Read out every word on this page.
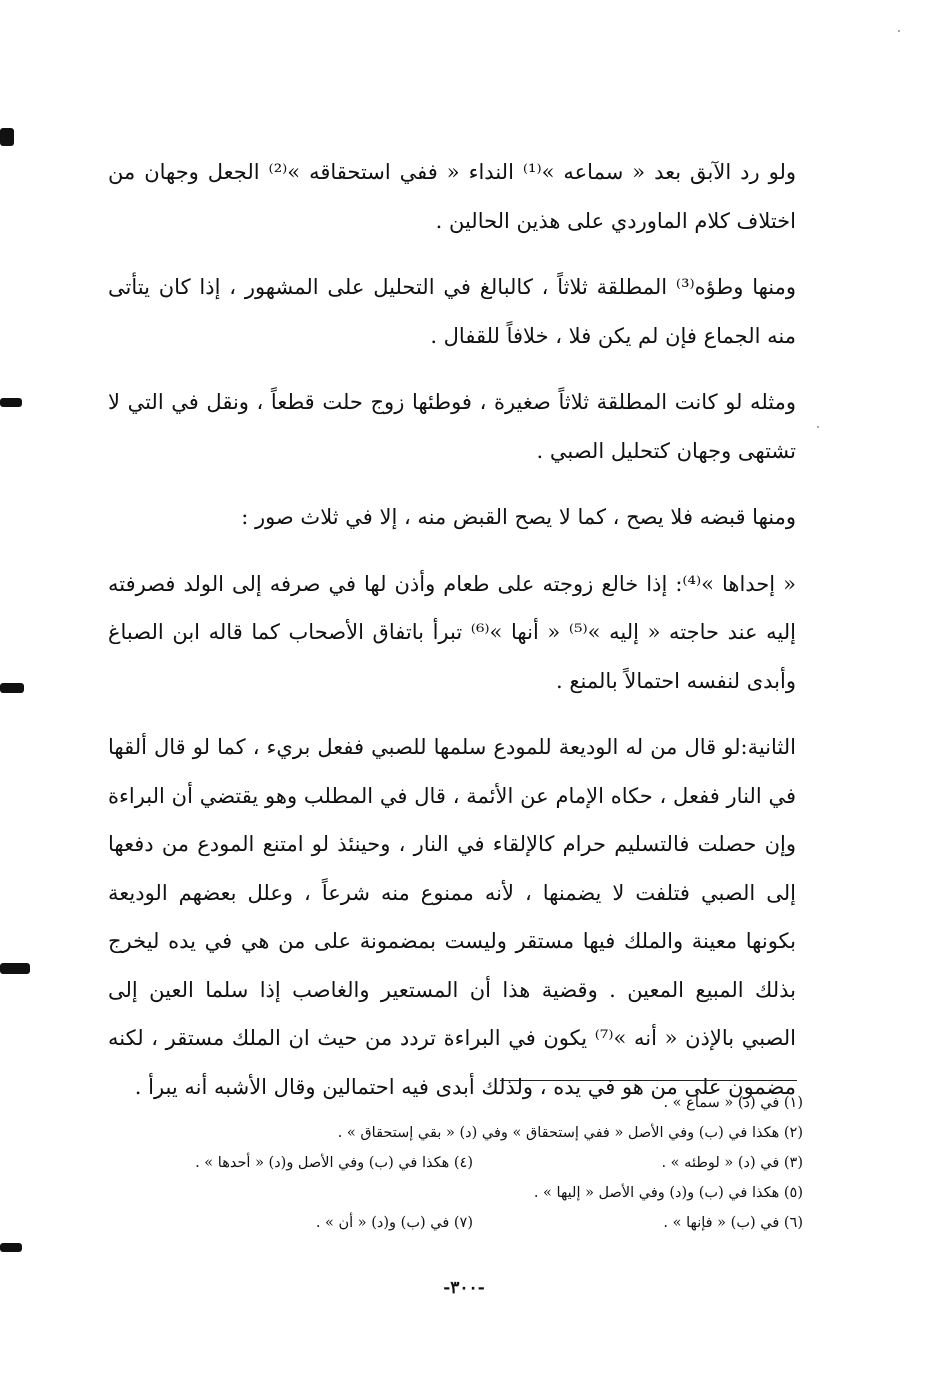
ولو رد الآبق بعد « سماعه »⁽¹⁾ النداء « ففي استحقاقه »⁽²⁾ الجعل وجهان من اختلاف كلام الماوردي على هذين الحالين .

ومنها وطؤه⁽³⁾ المطلقة ثلاثاً ، كالبالغ في التحليل على المشهور ، إذا كان يتأتى منه الجماع فإن لم يكن فلا ، خلافاً للقفال .

ومثله لو كانت المطلقة ثلاثاً صغيرة ، فوطئها زوج حلت قطعاً ، ونقل في التي لا تشتهى وجهان كتحليل الصبي .

ومنها قبضه فلا يصح ، كما لا يصح القبض منه ، إلا في ثلاث صور :

« إحداها »⁽⁴⁾: إذا خالع زوجته على طعام وأذن لها في صرفه إلى الولد فصرفته إليه عند حاجته « إليه »⁽⁵⁾ « أنها »⁽⁶⁾ تبرأ باتفاق الأصحاب كما قاله ابن الصباغ وأبدى لنفسه احتمالاً بالمنع .

الثانية:لو قال من له الوديعة للمودع سلمها للصبي ففعل بريء ، كما لو قال ألقها في النار ففعل ، حكاه الإمام عن الأئمة ، قال في المطلب وهو يقتضي أن البراءة وإن حصلت فالتسليم حرام كالإلقاء في النار ، وحينئذ لو امتنع المودع من دفعها إلى الصبي فتلفت لا يضمنها ، لأنه ممنوع منه شرعاً ، وعلل بعضهم الوديعة بكونها معينة والملك فيها مستقر وليست بمضمونة على من هي في يده ليخرج بذلك المبيع المعين . وقضية هذا أن المستعير والغاصب إذا سلما العين إلى الصبي بالإذن « أنه »⁽⁷⁾ يكون في البراءة تردد من حيث ان الملك مستقر ، لكنه مضمون على من هو في يده ، ولذلك أبدى فيه احتمالين وقال الأشبه أنه يبرأ .

(١) في (د) « سماع » .
(٢) هكذا في (ب) وفي الأصل « ففي إستحقاق » وفي (د) « بقي إستحقاق » .
(٣) في (د) « لوطئه » .
(٤) هكذا في (ب) وفي الأصل و(د) « أحدها » .
(٥) هكذا في (ب) و(د) وفي الأصل « إليها » .
(٦) في (ب) « فإنها » .
(٧) في (ب) و(د) « أن » .
-٣٠٠-
